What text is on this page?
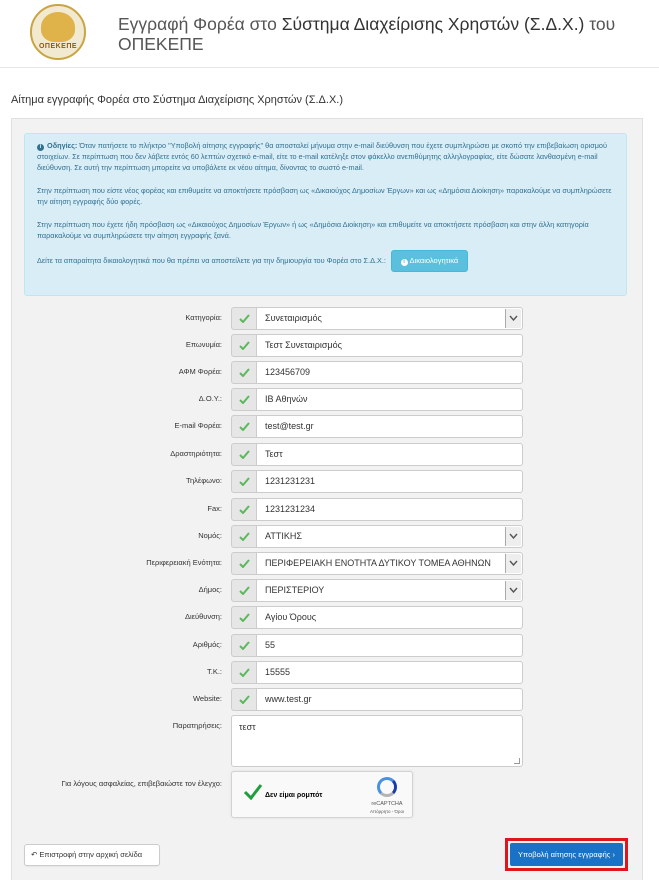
ΟΠΕΚΕΠΕ
Εγγραφή Φορέα στο Σύστημα Διαχείρισης Χρηστών (Σ.Δ.Χ.) του ΟΠΕΚΕΠΕ
Αίτημα εγγραφής Φορέα στο Σύστημα Διαχείρισης Χρηστών (Σ.Δ.Χ.)

i Οδηγίες: Όταν πατήσετε το πλήκτρο "Υποβολή αίτησης εγγραφής" θα αποσταλεί μήνυμα στην e-mail διεύθυνση που έχετε συμπληρώσει με σκοπό την επιβεβαίωση ορισμού στοιχείων. Σε περίπτωση που δεν λάβετε εντός 60 λεπτών σχετικό e-mail, είτε το e-mail κατέληξε στον φάκελλο ανεπιθύμητης αλληλογραφίας, είτε δώσατε λανθασμένη e-mail διεύθυνση. Σε αυτή την περίπτωση μπορείτε να υποβάλετε εκ νέου αίτημα, δίνοντας το σωστό e-mail.

Στην περίπτωση που είστε νέος φορέας και επιθυμείτε να αποκτήσετε πρόσβαση ως «Δικαιούχος Δημοσίων Έργων» και ως «Δημόσια Διοίκηση» παρακαλούμε να συμπληρώσετε την αίτηση εγγραφής δύο φορές.

Στην περίπτωση που έχετε ήδη πρόσβαση ως «Δικαιούχος Δημοσίων Έργων» ή ως «Δημόσια Διοίκηση» και επιθυμείτε να αποκτήσετε πρόσβαση και στην άλλη κατηγορία παρακαλούμε να συμπληρώσετε την αίτηση εγγραφής ξανά.

Δείτε τα απαραίτητα δικαιολογητικά που θα πρέπει να αποστείλετε για την δημιουργία του Φορέα στο Σ.Δ.Χ.:	i Δικαιολογητικά

Κατηγορία:	Συνεταιρισμός
Επωνυμία:	Τεστ Συνεταιρισμός
ΑΦΜ Φορέα:	123456709
Δ.Ο.Υ.:	ΙΒ Αθηνών
E-mail Φορέα:	test@test.gr
Δραστηριότητα:	Τεστ
Τηλέφωνο:	1231231231
Fax:	1231231234
Νομός:	ΑΤΤΙΚΗΣ
Περιφερειακή Ενότητα:	ΠΕΡΙΦΕΡΕΙΑΚΗ ΕΝΟΤΗΤΑ ΔΥΤΙΚΟΥ ΤΟΜΕΑ ΑΘΗΝΩΝ
Δήμος:	ΠΕΡΙΣΤΕΡΙΟΥ
Διεύθυνση:	Αγίου Όρους
Αριθμός:	55
Τ.Κ.:	15555
Website:	www.test.gr
Παρατηρήσεις:	τεστ
Για λόγους ασφαλείας, επιβεβαιώστε τον έλεγχο:
Δεν είμαι ρομπότ
reCAPTCHA
Απόρρητο - Όροι
↶ Επιστροφή στην αρχική σελίδα	Υποβολή αίτησης εγγραφής ›
